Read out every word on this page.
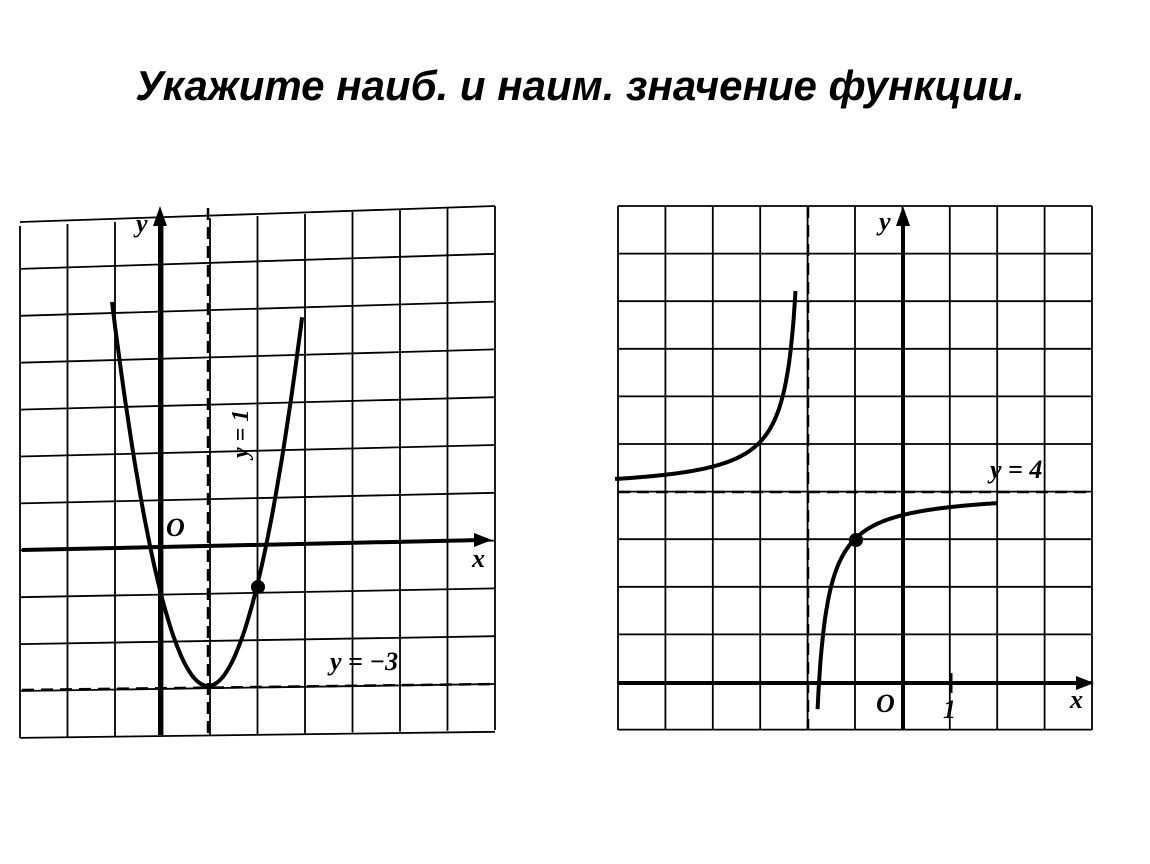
Укажите наиб. и наим. значение функции.
y
x
O
y = 1
y = −3
y
x
O 1
y = 4
